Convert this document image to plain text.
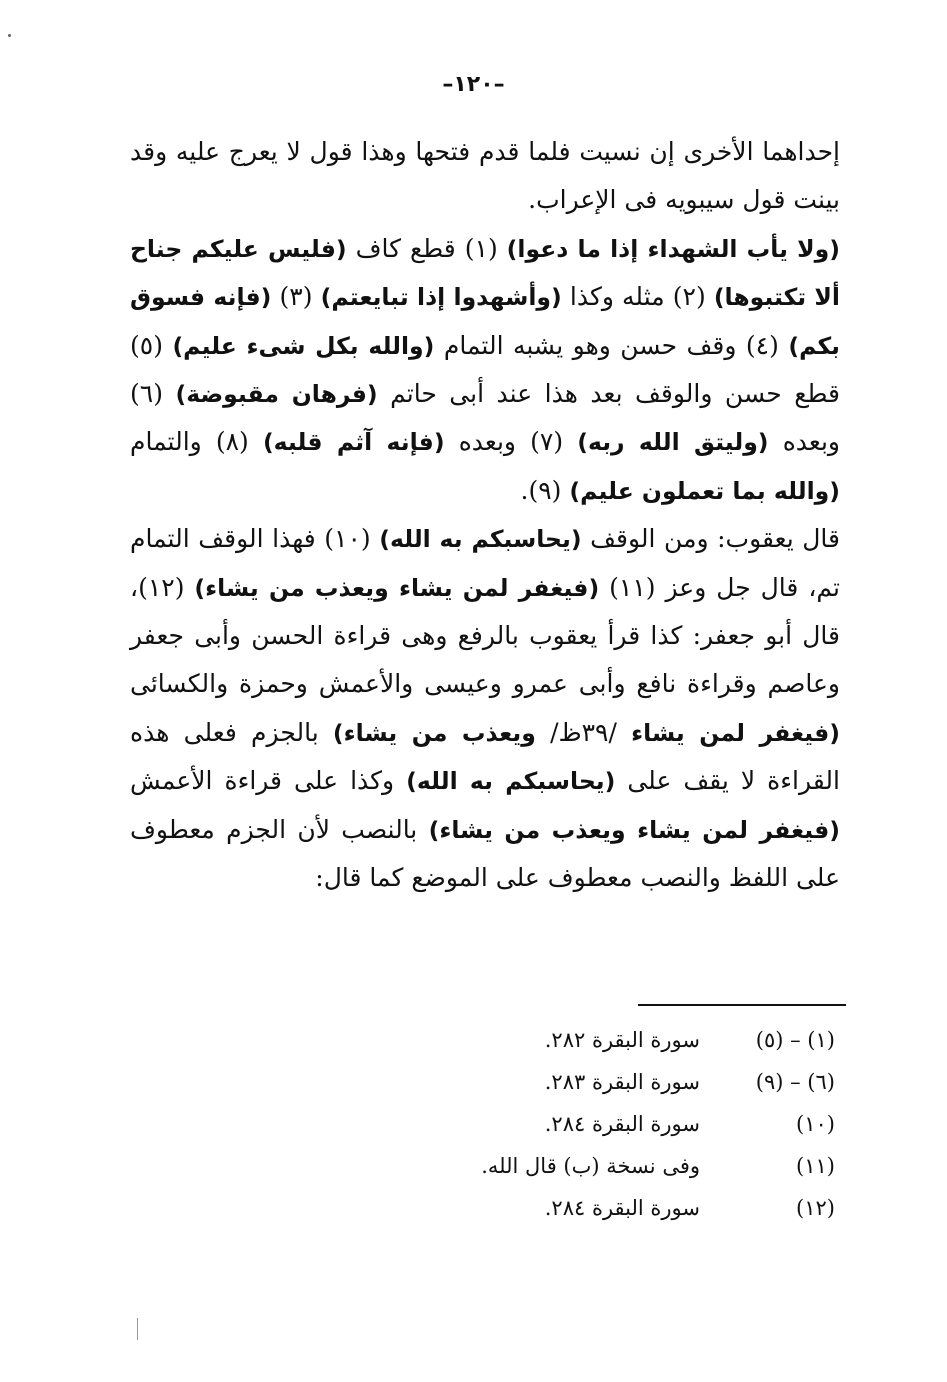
–١٢٠–

إحداهما الأخرى إن نسيت فلما قدم فتحها وهذا قول لا يعرج عليه وقد بينت قول سيبويه فى الإعراب.

(ولا يأب الشهداء إذا ما دعوا) (١) قطع كاف (فليس عليكم جناح ألا تكتبوها) (٢) مثله وكذا (وأشهدوا إذا تبايعتم) (٣) (فإنه فسوق بكم) (٤) وقف حسن وهو يشبه التمام (والله بكل شىء عليم) (٥) قطع حسن والوقف بعد هذا عند أبى حاتم (فرهان مقبوضة) (٦) وبعده (وليتق الله ربه) (٧) وبعده (فإنه آثم قلبه) (٨) والتمام (والله بما تعملون عليم) (٩).

قال يعقوب: ومن الوقف (يحاسبكم به الله) (١٠) فهذا الوقف التمام تم، قال جل وعز (١١) (فيغفر لمن يشاء ويعذب من يشاء) (١٢)، قال أبو جعفر: كذا قرأ يعقوب بالرفع وهى قراءة الحسن وأبى جعفر وعاصم وقراءة نافع وأبى عمرو وعيسى والأعمش وحمزة والكسائى (فيغفر لمن يشاء /٣٩ظ/ ويعذب من يشاء) بالجزم فعلى هذه القراءة لا يقف على (يحاسبكم به الله) وكذا على قراءة الأعمش (فيغفر لمن يشاء ويعذب من يشاء) بالنصب لأن الجزم معطوف على اللفظ والنصب معطوف على الموضع كما قال:

(١) – (٥)
سورة البقرة ٢٨٢.
(٦) – (٩)
سورة البقرة ٢٨٣.
(١٠)
سورة البقرة ٢٨٤.
(١١)
وفى نسخة (ب) قال الله.
(١٢)
سورة البقرة ٢٨٤.
